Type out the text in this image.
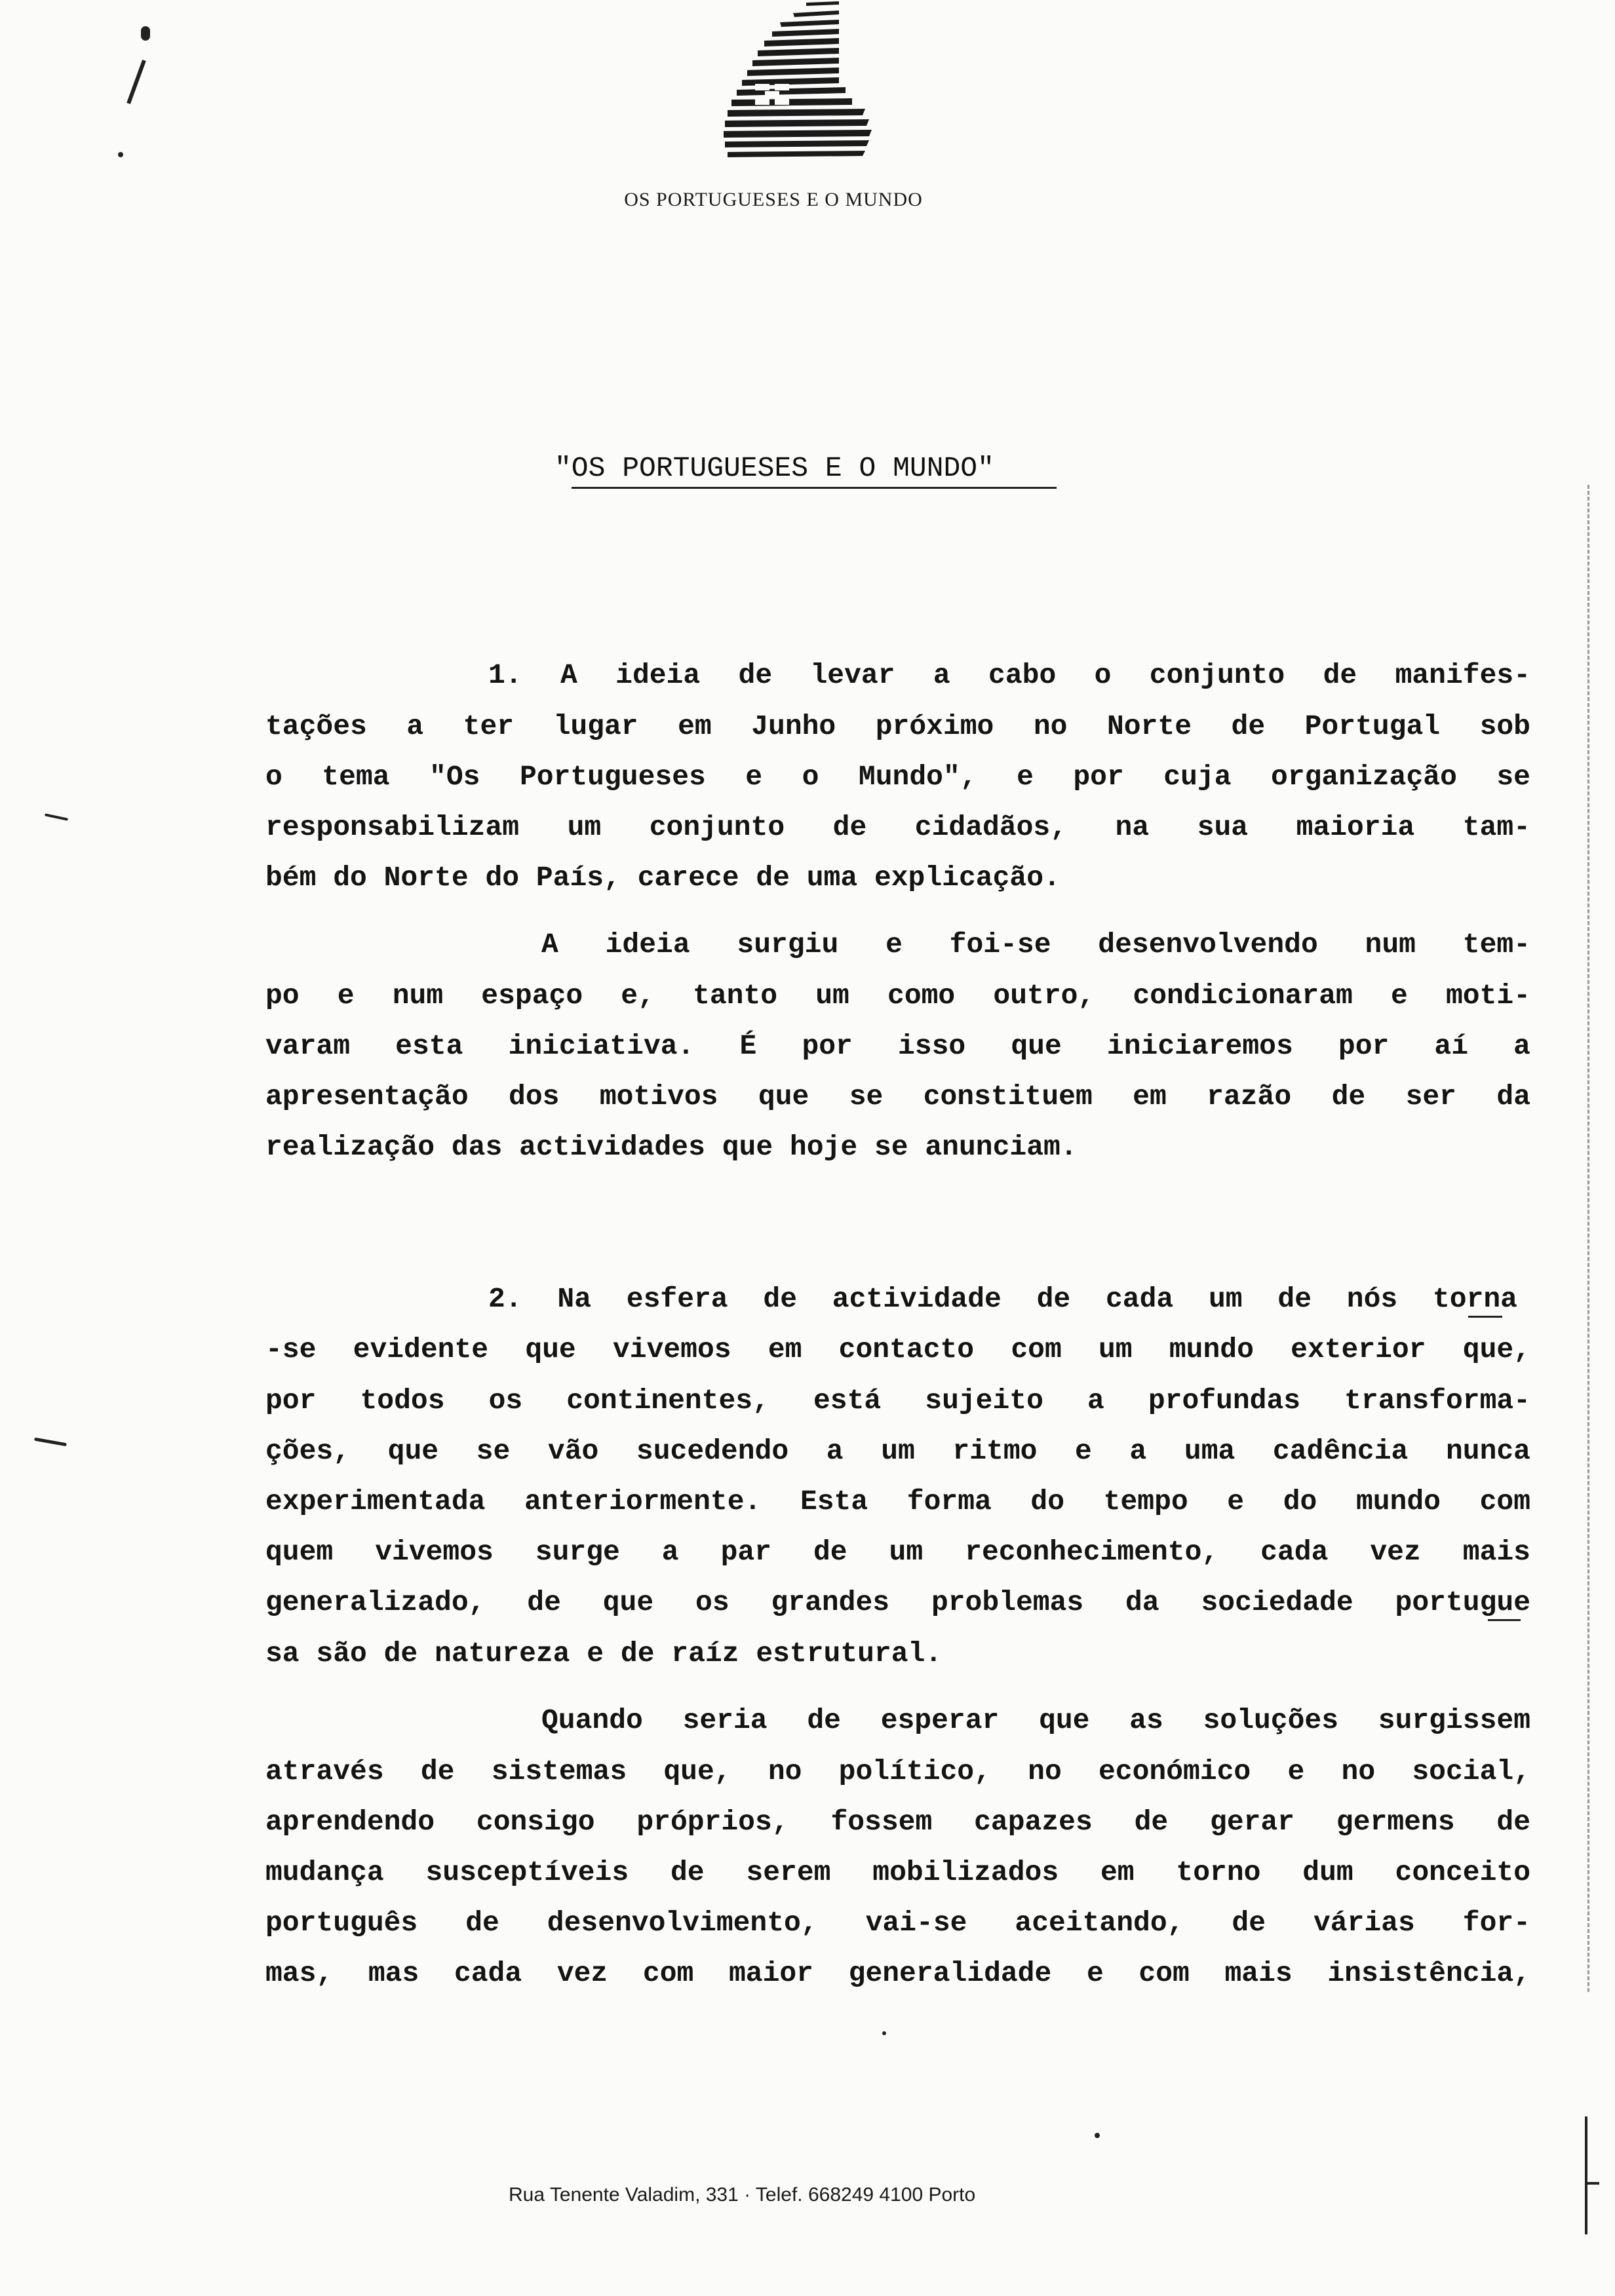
OS PORTUGUESES E O MUNDO
"OS PORTUGUESES E O MUNDO"
1. A ideia de levar a cabo o conjunto de manifes-
tações a ter lugar em Junho próximo no Norte de Portugal sob
o tema "Os Portugueses e o Mundo", e por cuja organização se
responsabilizam um conjunto de cidadãos, na sua maioria tam-
bém do Norte do País, carece de uma explicação.
A ideia surgiu e foi-se desenvolvendo num tem-
po e num espaço e, tanto um como outro, condicionaram e moti-
varam esta iniciativa. É por isso que iniciaremos por aí a
apresentação dos motivos que se constituem em razão de ser da
realização das actividades que hoje se anunciam.
2. Na esfera de actividade de cada um de nós torna
-se evidente que vivemos em contacto com um mundo exterior que,
por todos os continentes, está sujeito a profundas transforma-
ções, que se vão sucedendo a um ritmo e a uma cadência nunca
experimentada anteriormente. Esta forma do tempo e do mundo com
quem vivemos surge a par de um reconhecimento, cada vez mais
generalizado, de que os grandes problemas da sociedade portugue
sa são de natureza e de raíz estrutural.
Quando seria de esperar que as soluções surgissem
através de sistemas que, no político, no económico e no social,
aprendendo consigo próprios, fossem capazes de gerar germens de
mudança susceptíveis de serem mobilizados em torno dum conceito
português de desenvolvimento, vai-se aceitando, de várias for-
mas, mas cada vez com maior generalidade e com mais insistência,
Rua Tenente Valadim, 331 · Telef. 668249 4100 Porto
